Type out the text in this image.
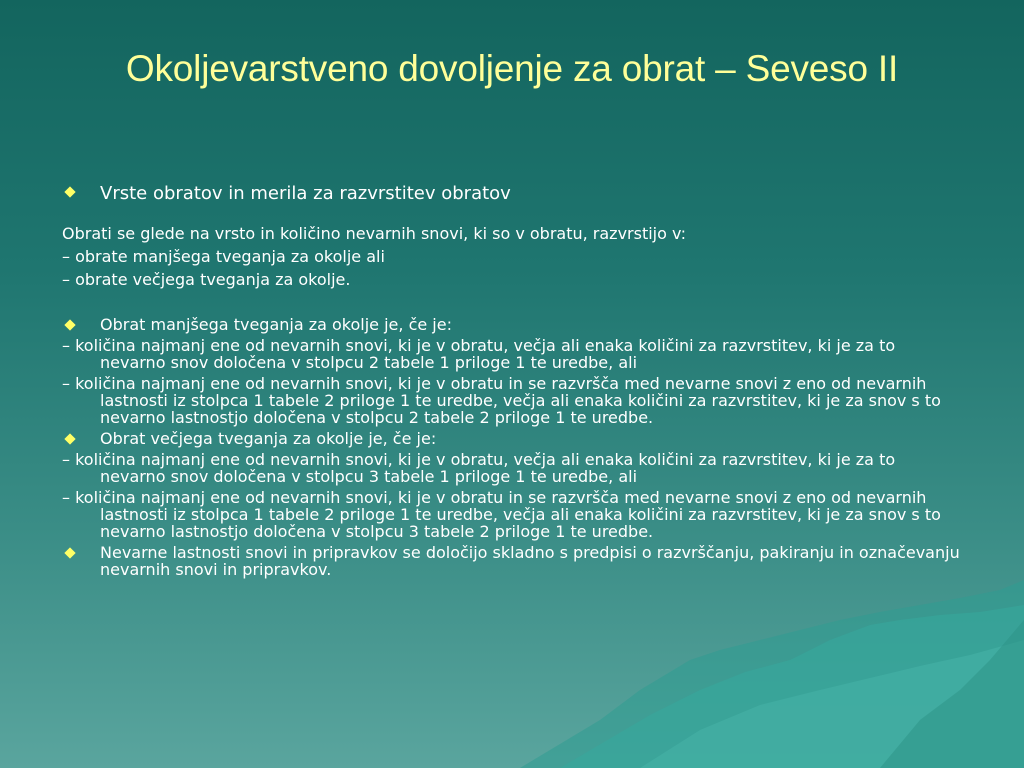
Okoljevarstveno dovoljenje za obrat – Seveso II
Vrste obratov in merila za razvrstitev obratov

Obrati se glede na vrsto in količino nevarnih snovi, ki so v obratu, razvrstijo v:

– obrate manjšega tveganja za okolje ali

– obrate večjega tveganja za okolje.

Obrat manjšega tveganja za okolje je, če je:

– količina najmanj ene od nevarnih snovi, ki je v obratu, večja ali enaka količini za razvrstitev, ki je za to nevarno snov določena v stolpcu 2 tabele 1 priloge 1 te uredbe, ali

– količina najmanj ene od nevarnih snovi, ki je v obratu in se razvršča med nevarne snovi z eno od nevarnih lastnosti iz stolpca 1 tabele 2 priloge 1 te uredbe, večja ali enaka količini za razvrstitev, ki je za snov s to nevarno lastnostjo določena v stolpcu 2 tabele 2 priloge 1 te uredbe.

Obrat večjega tveganja za okolje je, če je:

– količina najmanj ene od nevarnih snovi, ki je v obratu, večja ali enaka količini za razvrstitev, ki je za to nevarno snov določena v stolpcu 3 tabele 1 priloge 1 te uredbe, ali

– količina najmanj ene od nevarnih snovi, ki je v obratu in se razvršča med nevarne snovi z eno od nevarnih lastnosti iz stolpca 1 tabele 2 priloge 1 te uredbe, večja ali enaka količini za razvrstitev, ki je za snov s to nevarno lastnostjo določena v stolpcu 3 tabele 2 priloge 1 te uredbe.

Nevarne lastnosti snovi in pripravkov se določijo skladno s predpisi o razvrščanju, pakiranju in označevanju nevarnih snovi in pripravkov.
